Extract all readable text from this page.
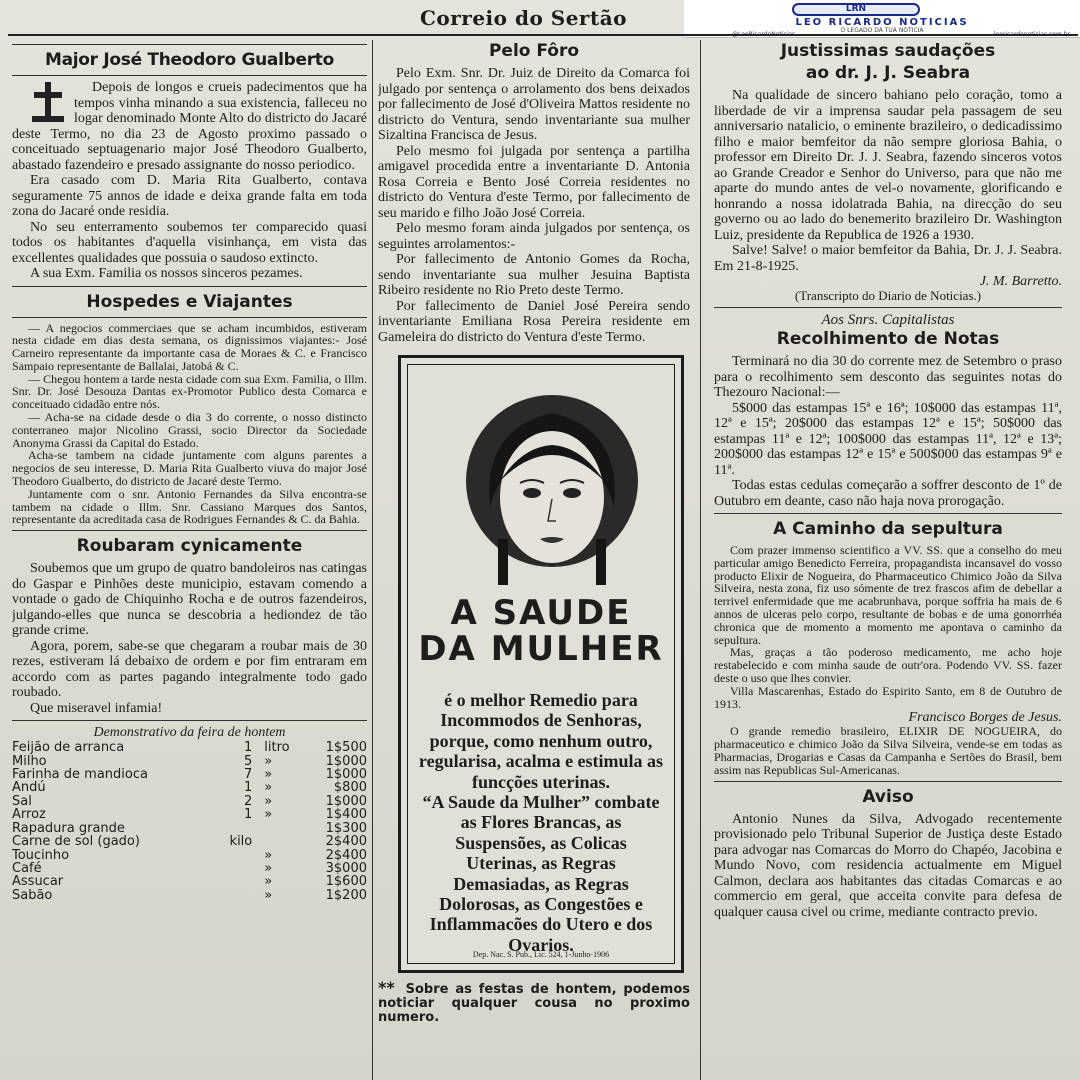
Correio do Sertão	LRN
LEO RICARDO NOTICIAS
O LEGADO DA TUA NOTICIA
@LeoRicardoNoticias	leoricardonoticias.com.br
Major José Theodoro Gualberto

Depois de longos e crueis padecimentos que ha tempos vinha minando a sua existencia, falleceu no logar denominado Monte Alto do districto do Jacaré deste Termo, no dia 23 de Agosto proximo passado o conceituado septuagenario major José Theodoro Gualberto, abastado fazendeiro e presado assignante do nosso periodico.

Era casado com D. Maria Rita Gualberto, contava seguramente 75 annos de idade e deixa grande falta em toda zona do Jacaré onde residia.

No seu enterramento soubemos ter comparecido quasi todos os habitantes d'aquella visinhança, em vista das excellentes qualidades que possuia o saudoso extincto.

A sua Exm. Familia os nossos sinceros pezames.

Hospedes e Viajantes

— A negocios commerciaes que se acham incumbidos, estiveram nesta cidade em dias desta semana, os dignissimos viajantes:- José Carneiro representante da importante casa de Moraes & C. e Francisco Sampaio representante de Ballalai, Jatobá & C.

— Chegou hontem a tarde nesta cidade com sua Exm. Familia, o Illm. Snr. Dr. José Desouza Dantas ex-Promotor Publico desta Comarca e conceituado cidadão entre nós.

— Acha-se na cidade desde o dia 3 do corrente, o nosso distincto conterraneo major Nicolino Grassi, socio Director da Sociedade Anonyma Grassi da Capital do Estado.

Acha-se tambem na cidade juntamente com alguns parentes a negocios de seu interesse, D. Maria Rita Gualberto viuva do major José Theodoro Gualberto, do districto de Jacaré deste Termo.

Juntamente com o snr. Antonio Fernandes da Silva encontra-se tambem na cidade o Illm. Snr. Cassiano Marques dos Santos, representante da acreditada casa de Rodrigues Fernandes & C. da Bahia.

Roubaram cynicamente

Soubemos que um grupo de quatro bandoleiros nas catingas do Gaspar e Pinhões deste municipio, estavam comendo a vontade o gado de Chiquinho Rocha e de outros fazendeiros, julgando-elles que nunca se descobria a hediondez de tão grande crime.

Agora, porem, sabe-se que chegaram a roubar mais de 30 rezes, estiveram lá debaixo de ordem e por fim entraram em accordo com as partes pagando integralmente todo gado roubado.

Que miseravel infamia!

Demonstrativo da feira de hontem
Feijão de arranca	1	litro	1$500
Milho	5	»	1$000
Farinha de mandioca	7	»	1$000
Andú	1	»	$800
Sal	2	»	1$000
Arroz	1	»	1$400
Rapadura grande			1$300
Carne de sol (gado)	kilo		2$400
Toucinho		»	2$400
Café		»	3$000
Assucar		»	1$600
Sabão		»	1$200
Pelo Fôro

Pelo Exm. Snr. Dr. Juiz de Direito da Comarca foi julgado por sentença o arrolamento dos bens deixados por fallecimento de José d'Oliveira Mattos residente no districto do Ventura, sendo inventariante sua mulher Sizaltina Francisca de Jesus.

Pelo mesmo foi julgada por sentença a partilha amigavel procedida entre a inventariante D. Antonia Rosa Correia e Bento José Correia residentes no districto do Ventura d'este Termo, por fallecimento de seu marido e filho João José Correia.

Pelo mesmo foram ainda julgados por sentença, os seguintes arrolamentos:-

Por fallecimento de Antonio Gomes da Rocha, sendo inventariante sua mulher Jesuina Baptista Ribeiro residente no Rio Preto deste Termo.

Por fallecimento de Daniel José Pereira sendo inventariante Emiliana Rosa Pereira residente em Gameleira do districto do Ventura d'este Termo.

A SAUDE
DA MULHER
é o melhor Remedio para Incommodos de Senhoras, porque, como nenhum outro, regularisa, acalma e estimula as funcções uterinas.
“A Saude da Mulher” combate as Flores Brancas, as Suspensões, as Colicas Uterinas, as Regras Demasiadas, as Regras Dolorosas, as Congestões e Inflammacões do Utero e dos Ovarios.
Dep. Nac. S. Pub., Lic. 524, 1-Junho-1906
** Sobre as festas de hontem, podemos noticiar qualquer cousa no proximo numero.
Justissimas saudações
ao dr. J. J. Seabra

Na qualidade de sincero bahiano pelo coração, tomo a liberdade de vir a imprensa saudar pela passagem de seu anniversario natalicio, o eminente brazileiro, o dedicadissimo filho e maior bemfeitor da não sempre gloriosa Bahia, o professor em Direito Dr. J. J. Seabra, fazendo sinceros votos ao Grande Creador e Senhor do Universo, para que não me aparte do mundo antes de vel-o novamente, glorificando e honrando a nossa idolatrada Bahia, na direcção do seu governo ou ao lado do benemerito brazileiro Dr. Washington Luiz, presidente da Republica de 1926 a 1930.

Salve! Salve! o maior bemfeitor da Bahia, Dr. J. J. Seabra. Em 21-8-1925.

J. M. Barretto.
(Transcripto do Diario de Noticias.)
Aos Snrs. Capitalistas
Recolhimento de Notas

Terminará no dia 30 do corrente mez de Setembro o praso para o recolhimento sem desconto das seguintes notas do Thezouro Nacional:—

5$000 das estampas 15ª e 16ª; 10$000 das estampas 11ª, 12ª e 15ª; 20$000 das estampas 12ª e 15ª; 50$000 das estampas 11ª e 12ª; 100$000 das estampas 11ª, 12ª e 13ª; 200$000 das estampas 12ª e 15ª e 500$000 das estampas 9ª e 11ª.

Todas estas cedulas começarão a soffrer desconto de 1º de Outubro em deante, caso não haja nova prorogação.

A Caminho da sepultura

Com prazer immenso scientifico a VV. SS. que a conselho do meu particular amigo Benedicto Ferreira, propagandista incansavel do vosso producto Elixir de Nogueira, do Pharmaceutico Chimico João da Silva Silveira, nesta zona, fiz uso sómente de trez frascos afim de debellar a terrivel enfermidade que me acabrunhava, porque soffria ha mais de 6 annos de ulceras pelo corpo, resultante de bobas e de uma gonorrhéa chronica que de momento a momento me apontava o caminho da sepultura.

Mas, graças a tão poderoso medicamento, me acho hoje restabelecido e com minha saude de outr'ora. Podendo VV. SS. fazer deste o uso que lhes convier.

Villa Mascarenhas, Estado do Espirito Santo, em 8 de Outubro de 1913.

Francisco Borges de Jesus.

O grande remedio brasileiro, ELIXIR DE NOGUEIRA, do pharmaceutico e chimico João da Silva Silveira, vende-se em todas as Pharmacias, Drogarias e Casas da Campanha e Sertões do Brasil, bem assim nas Republicas Sul-Americanas.

Aviso

Antonio Nunes da Silva, Advogado recentemente provisionado pelo Tribunal Superior de Justiça deste Estado para advogar nas Comarcas do Morro do Chapéo, Jacobina e Mundo Novo, com residencia actualmente em Miguel Calmon, declara aos habitantes das citadas Comarcas e ao commercio em geral, que acceita convite para defesa de qualquer causa civel ou crime, mediante contracto previo.
